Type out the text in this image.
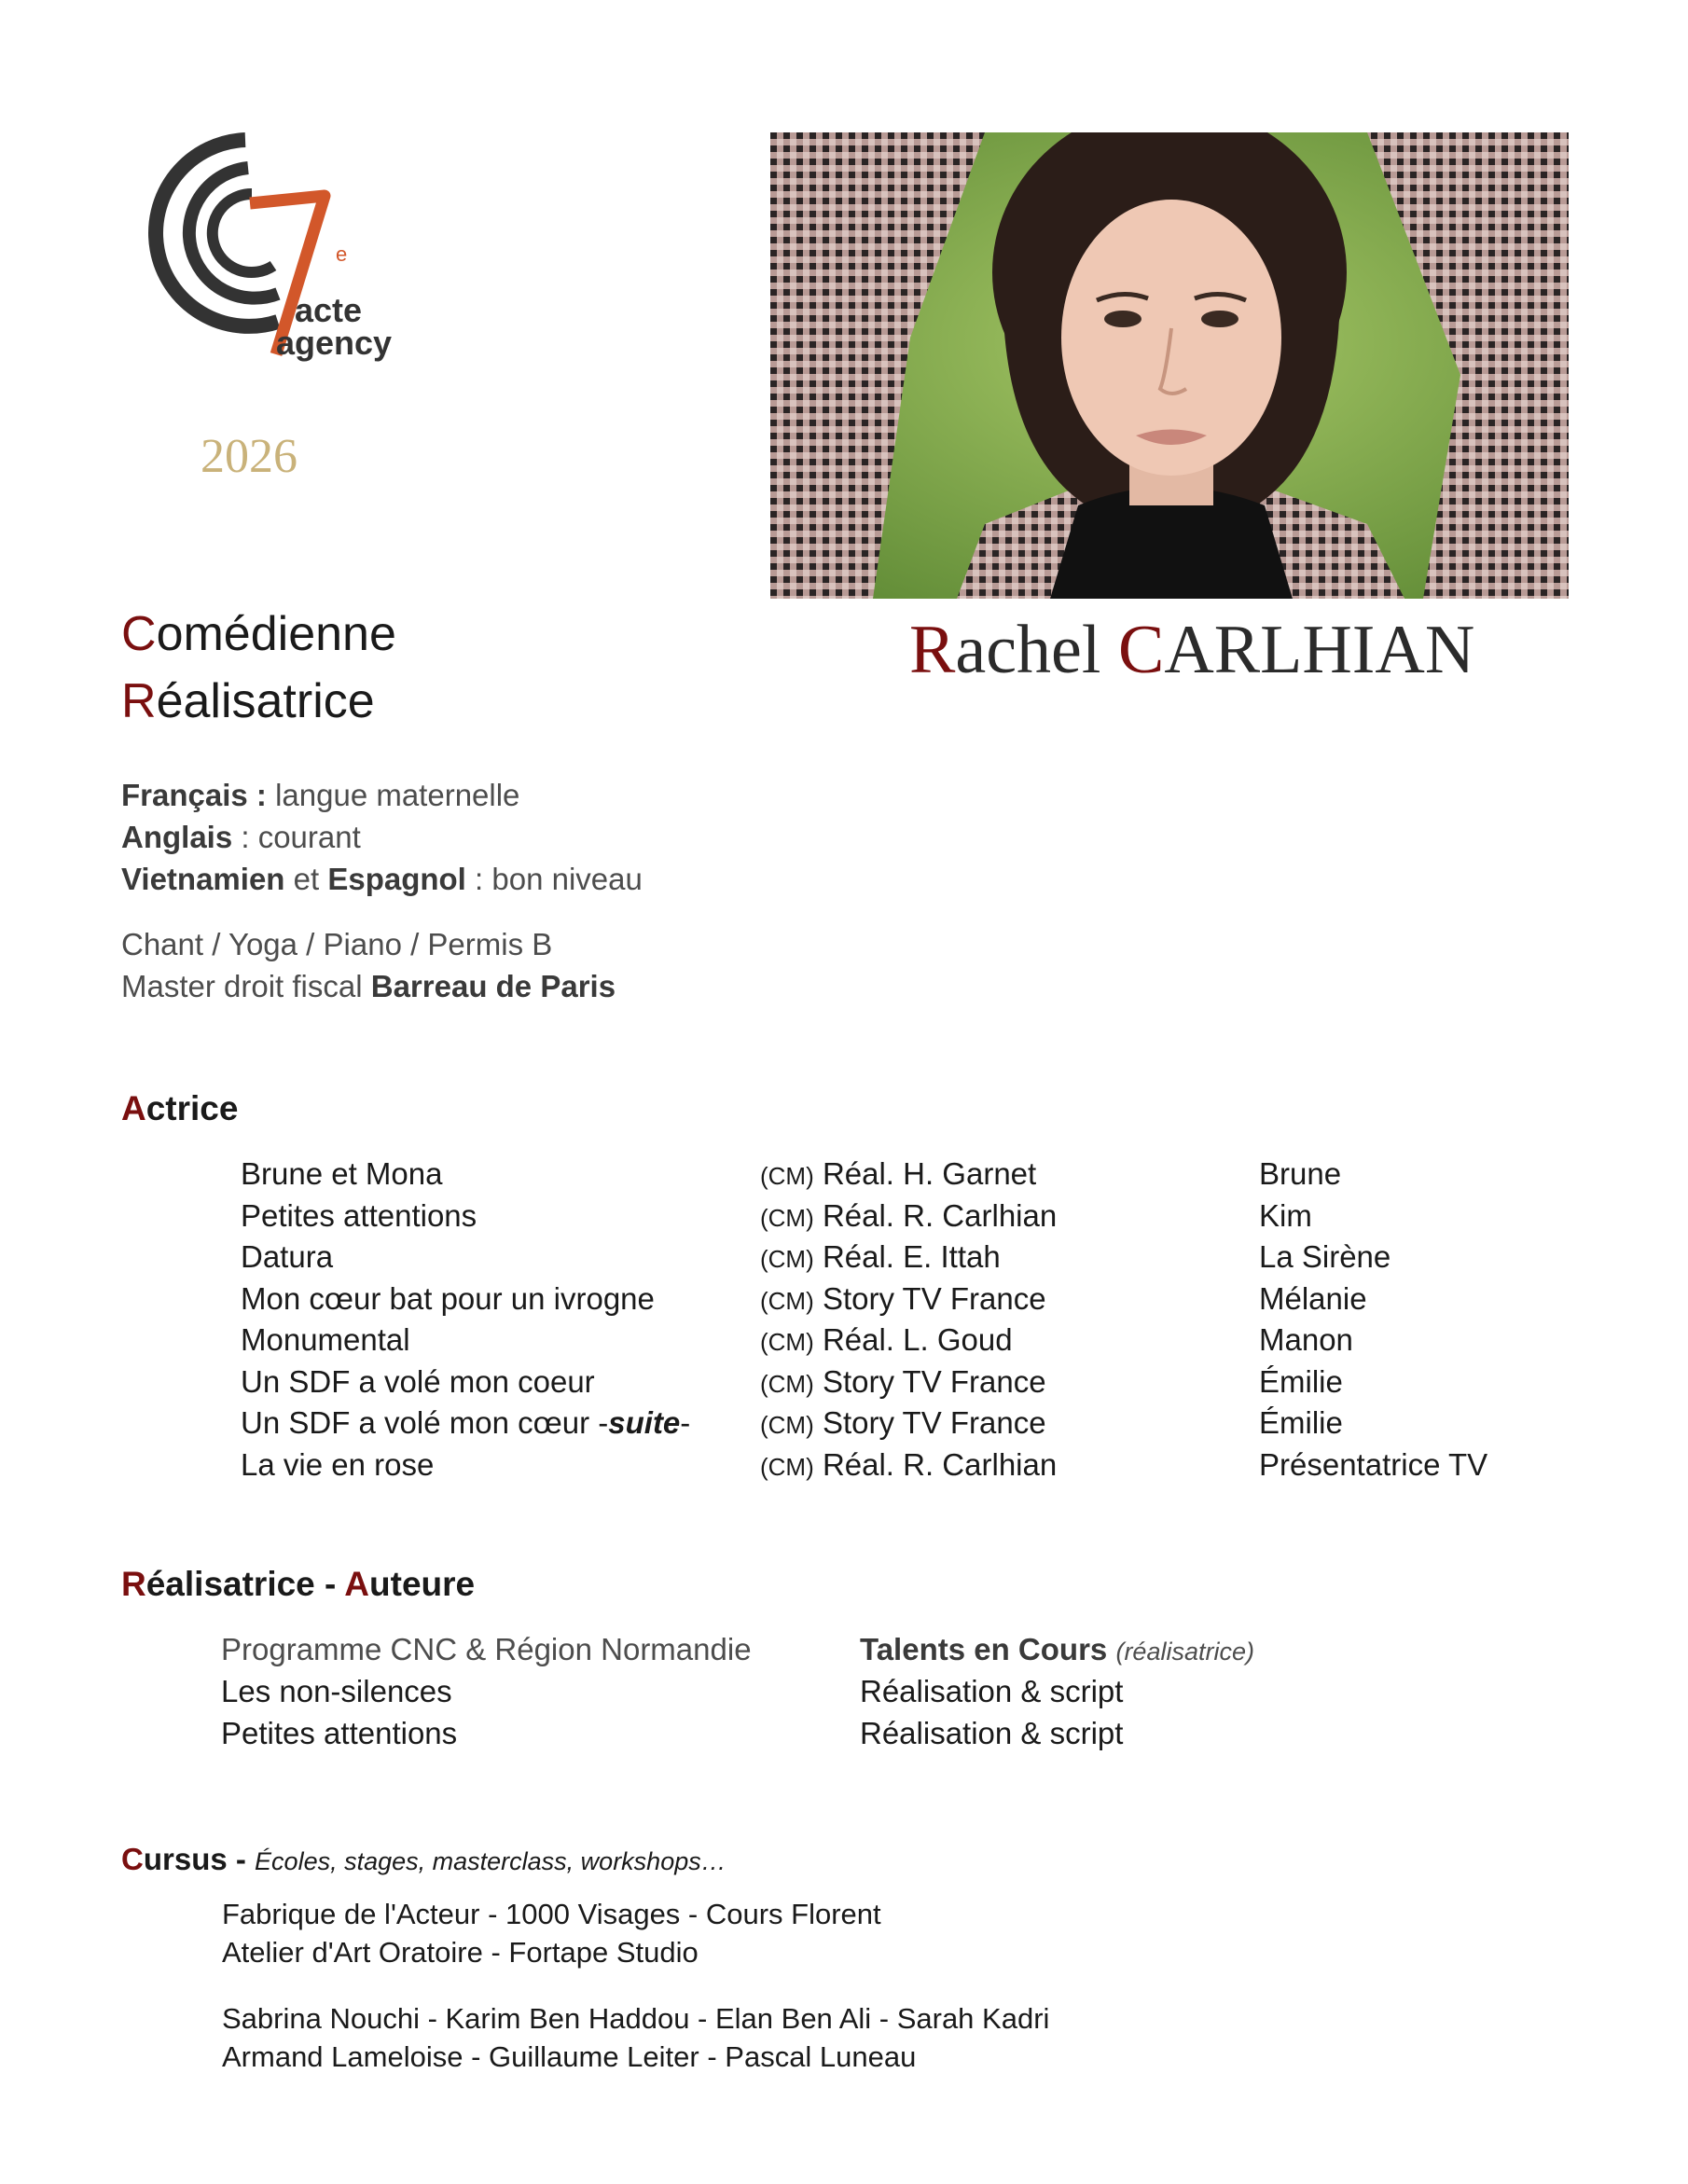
e
acte
agency
2026
Rachel CARLHIAN
Comédienne
Réalisatrice
Français : langue maternelle
Anglais : courant
Vietnamien et Espagnol : bon niveau
Chant / Yoga / Piano / Permis B
Master droit fiscal Barreau de Paris
Actrice
Brune et Mona	(CM) Réal. H. Garnet	Brune
Petites attentions	(CM) Réal. R. Carlhian	Kim
Datura	(CM) Réal. E. Ittah	La Sirène
Mon cœur bat pour un ivrogne	(CM) Story TV France	Mélanie
Monumental	(CM) Réal. L. Goud	Manon
Un SDF a volé mon coeur	(CM) Story TV France	Émilie
Un SDF a volé mon cœur -suite-	(CM) Story TV France	Émilie
La vie en rose	(CM) Réal. R. Carlhian	Présentatrice TV
Réalisatrice - Auteure
Programme CNC & Région Normandie	Talents en Cours (réalisatrice)
Les non-silences	Réalisation & script
Petites attentions	Réalisation & script
Cursus - Écoles, stages, masterclass, workshops…
Fabrique de l'Acteur - 1000 Visages - Cours Florent
Atelier d'Art Oratoire - Fortape Studio
Sabrina Nouchi - Karim Ben Haddou - Elan Ben Ali - Sarah Kadri
Armand Lameloise - Guillaume Leiter - Pascal Luneau
